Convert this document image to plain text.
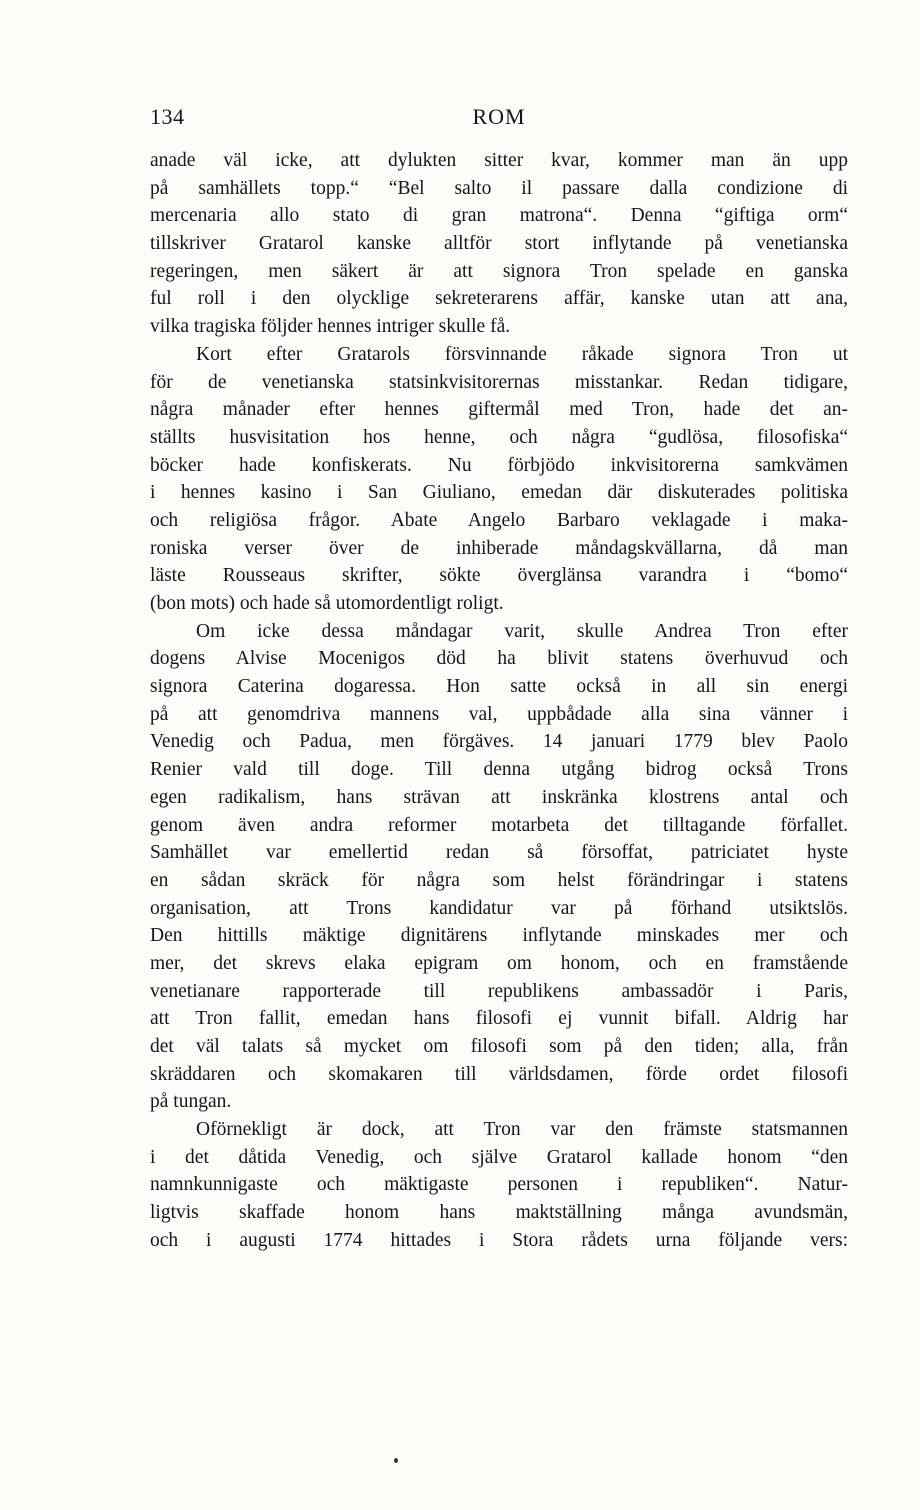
134	ROM
anade väl icke, att dylukten sitter kvar, kommer man än upp
på samhällets topp.“ “Bel salto il passare dalla condizione di
mercenaria allo stato di gran matrona“. Denna “giftiga orm“
tillskriver Gratarol kanske alltför stort inflytande på venetianska
regeringen, men säkert är att signora Tron spelade en ganska
ful roll i den olycklige sekreterarens affär, kanske utan att ana,
vilka tragiska följder hennes intriger skulle få.
Kort efter Gratarols försvinnande råkade signora Tron ut
för de venetianska statsinkvisitorernas misstankar. Redan tidigare,
några månader efter hennes giftermål med Tron, hade det an-
ställts husvisitation hos henne, och några “gudlösa, filosofiska“
böcker hade konfiskerats. Nu förbjödo inkvisitorerna samkvämen
i hennes kasino i San Giuliano, emedan där diskuterades politiska
och religiösa frågor. Abate Angelo Barbaro veklagade i maka-
roniska verser över de inhiberade måndagskvällarna, då man
läste Rousseaus skrifter, sökte överglänsa varandra i “bomo“
(bon mots) och hade så utomordentligt roligt.
Om icke dessa måndagar varit, skulle Andrea Tron efter
dogens Alvise Mocenigos död ha blivit statens överhuvud och
signora Caterina dogaressa. Hon satte också in all sin energi
på att genomdriva mannens val, uppbådade alla sina vänner i
Venedig och Padua, men förgäves. 14 januari 1779 blev Paolo
Renier vald till doge. Till denna utgång bidrog också Trons
egen radikalism, hans strävan att inskränka klostrens antal och
genom även andra reformer motarbeta det tilltagande förfallet.
Samhället var emellertid redan så försoffat, patriciatet hyste
en sådan skräck för några som helst förändringar i statens
organisation, att Trons kandidatur var på förhand utsiktslös.
Den hittills mäktige dignitärens inflytande minskades mer och
mer, det skrevs elaka epigram om honom, och en framstående
venetianare rapporterade till republikens ambassadör i Paris,
att Tron fallit, emedan hans filosofi ej vunnit bifall. Aldrig har
det väl talats så mycket om filosofi som på den tiden; alla, från
skräddaren och skomakaren till världsdamen, förde ordet filosofi
på tungan.
Oförnekligt är dock, att Tron var den främste statsmannen
i det dåtida Venedig, och själve Gratarol kallade honom “den
namnkunnigaste och mäktigaste personen i republiken“. Natur-
ligtvis skaffade honom hans maktställning många avundsmän,
och i augusti 1774 hittades i Stora rådets urna följande vers:
